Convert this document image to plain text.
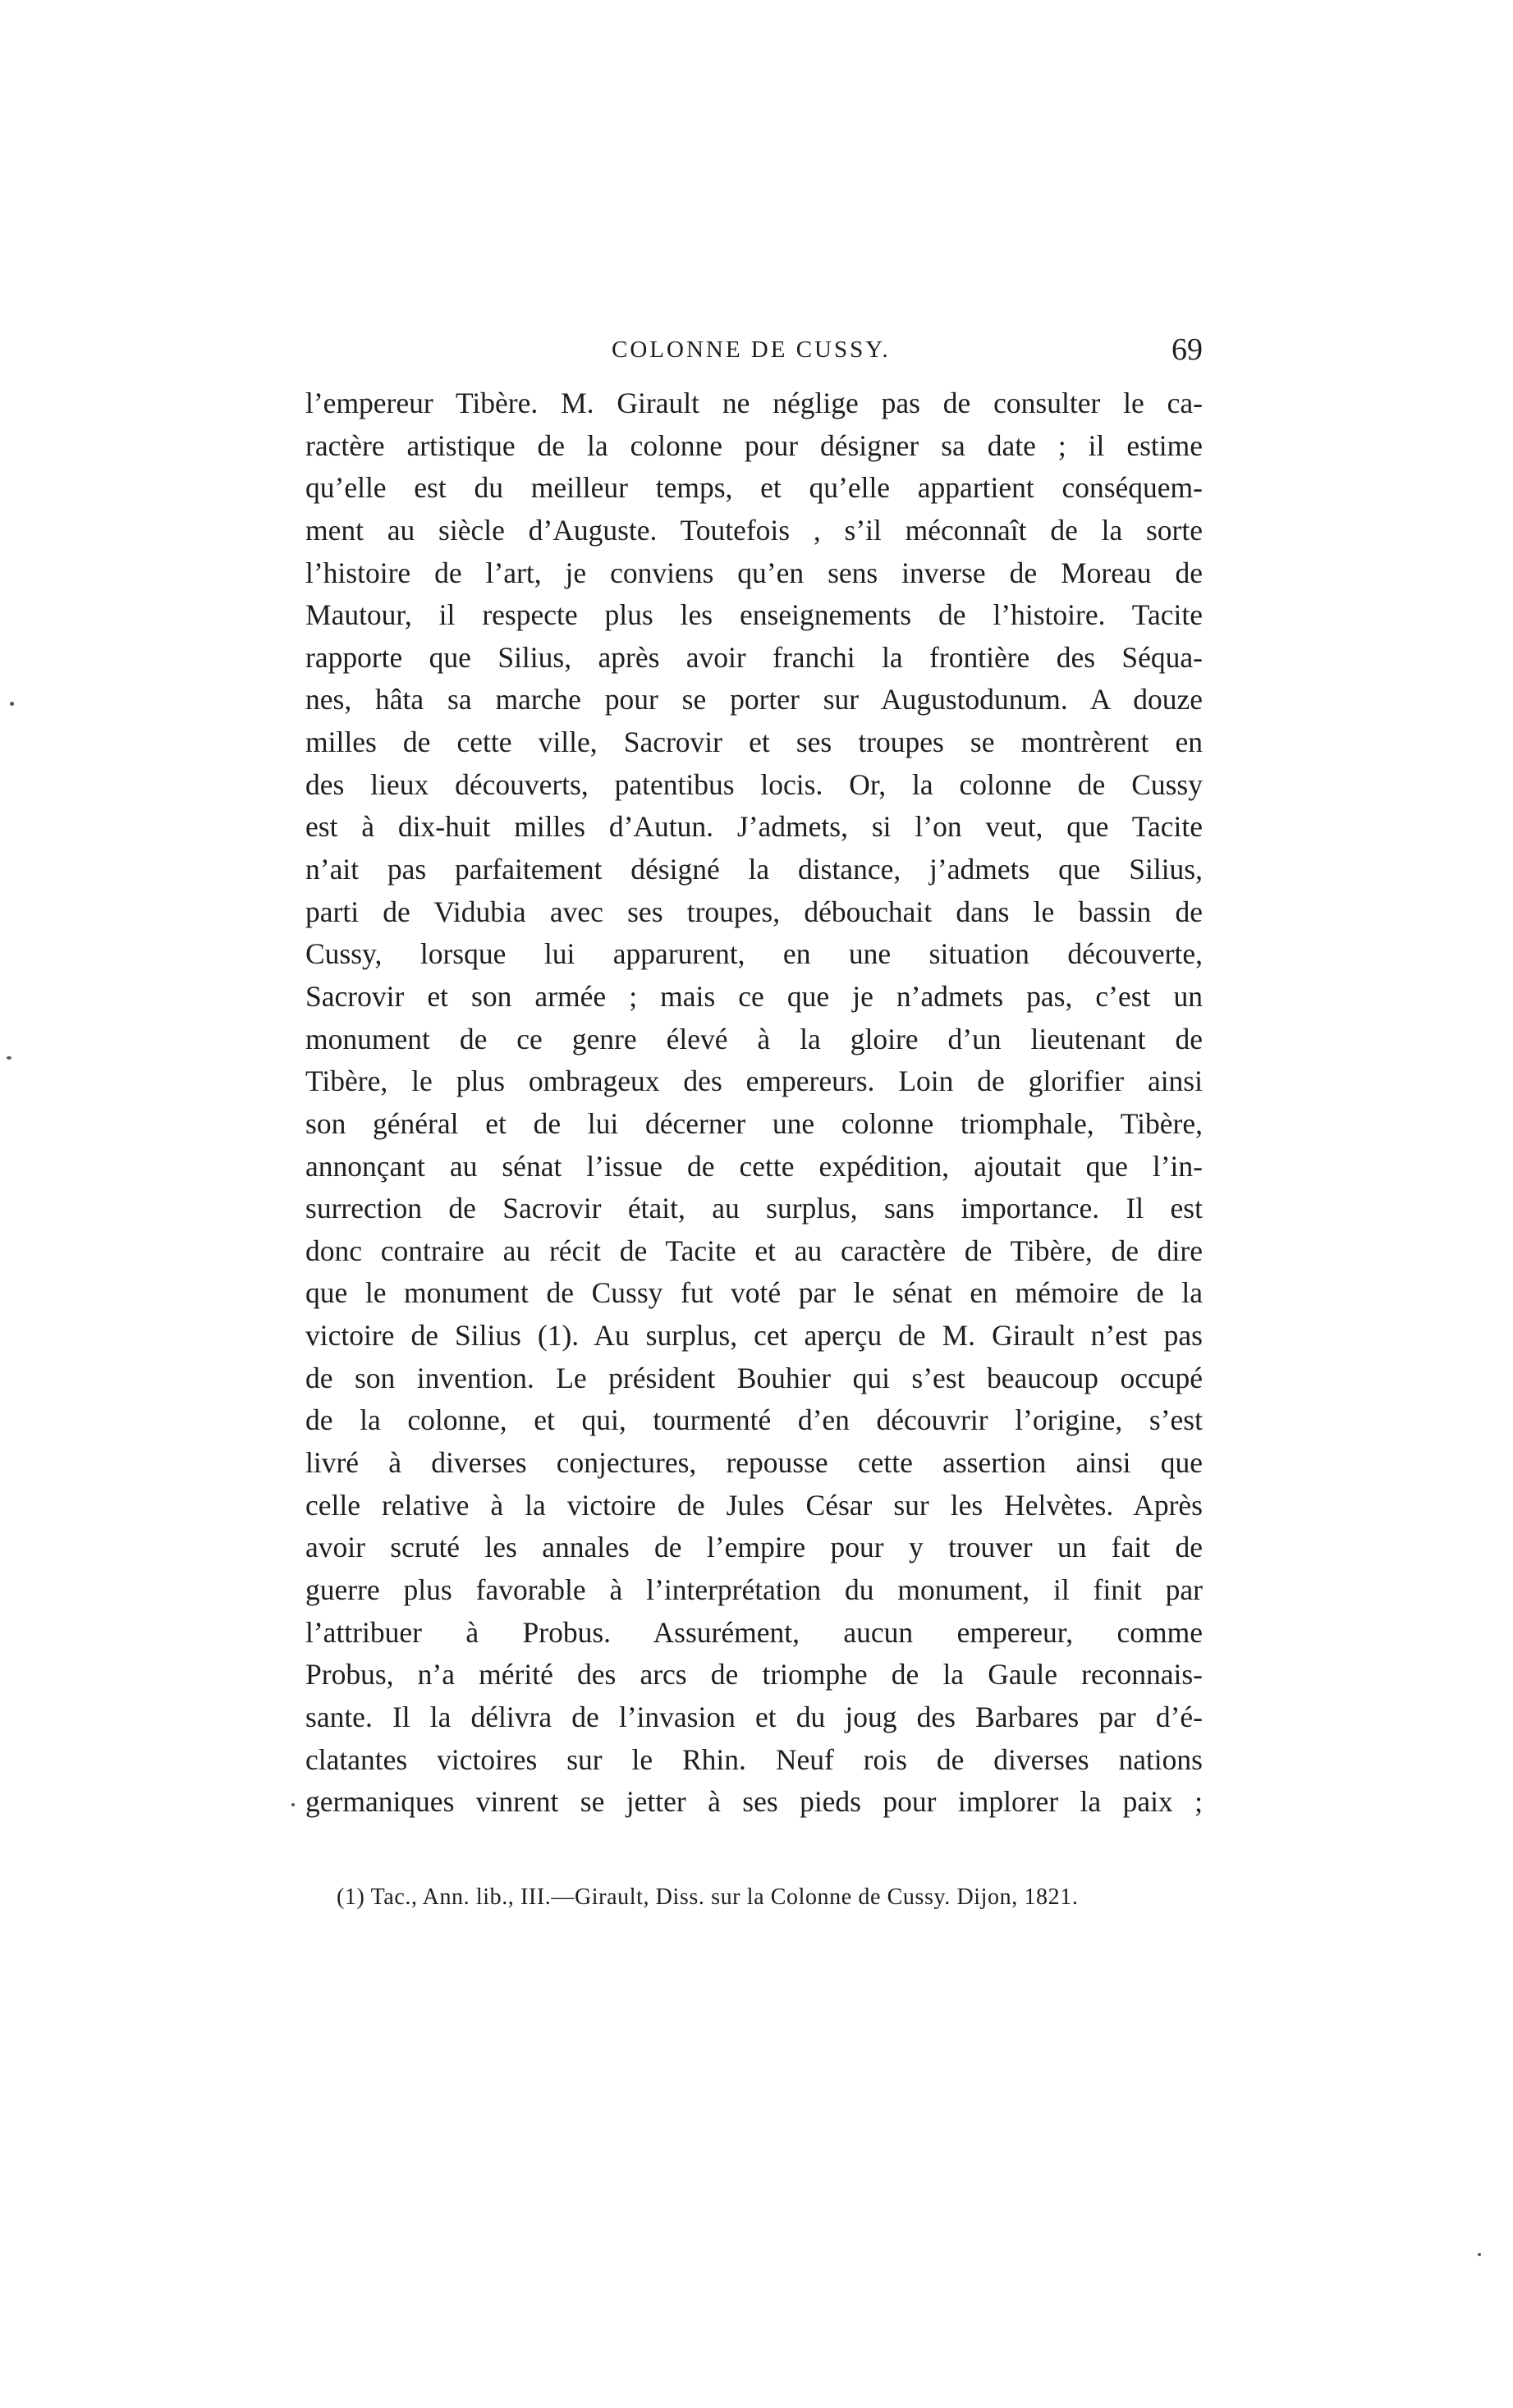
COLONNE DE CUSSY.	69
l’empereur Tibère. M. Girault ne néglige pas de consulter le ca-
ractère artistique de la colonne pour désigner sa date ; il estime
qu’elle est du meilleur temps, et qu’elle appartient conséquem-
ment au siècle d’Auguste. Toutefois , s’il méconnaît de la sorte
l’histoire de l’art, je conviens qu’en sens inverse de Moreau de
Mautour, il respecte plus les enseignements de l’histoire. Tacite
rapporte que Silius, après avoir franchi la frontière des Séqua-
nes, hâta sa marche pour se porter sur Augustodunum. A douze
milles de cette ville, Sacrovir et ses troupes se montrèrent en
des lieux découverts, patentibus locis. Or, la colonne de Cussy
est à dix-huit milles d’Autun. J’admets, si l’on veut, que Tacite
n’ait pas parfaitement désigné la distance, j’admets que Silius,
parti de Vidubia avec ses troupes, débouchait dans le bassin de
Cussy, lorsque lui apparurent, en une situation découverte,
Sacrovir et son armée ; mais ce que je n’admets pas, c’est un
monument de ce genre élevé à la gloire d’un lieutenant de
Tibère, le plus ombrageux des empereurs. Loin de glorifier ainsi
son général et de lui décerner une colonne triomphale, Tibère,
annonçant au sénat l’issue de cette expédition, ajoutait que l’in-
surrection de Sacrovir était, au surplus, sans importance. Il est
donc contraire au récit de Tacite et au caractère de Tibère, de dire
que le monument de Cussy fut voté par le sénat en mémoire de la
victoire de Silius (1). Au surplus, cet aperçu de M. Girault n’est pas
de son invention. Le président Bouhier qui s’est beaucoup occupé
de la colonne, et qui, tourmenté d’en découvrir l’origine, s’est
livré à diverses conjectures, repousse cette assertion ainsi que
celle relative à la victoire de Jules César sur les Helvètes. Après
avoir scruté les annales de l’empire pour y trouver un fait de
guerre plus favorable à l’interprétation du monument, il finit par
l’attribuer à Probus. Assurément, aucun empereur, comme
Probus, n’a mérité des arcs de triomphe de la Gaule reconnais-
sante. Il la délivra de l’invasion et du joug des Barbares par d’é-
clatantes victoires sur le Rhin. Neuf rois de diverses nations
germaniques vinrent se jetter à ses pieds pour implorer la paix ;
(1) Tac., Ann. lib., III.—Girault, Diss. sur la Colonne de Cussy. Dijon, 1821.
